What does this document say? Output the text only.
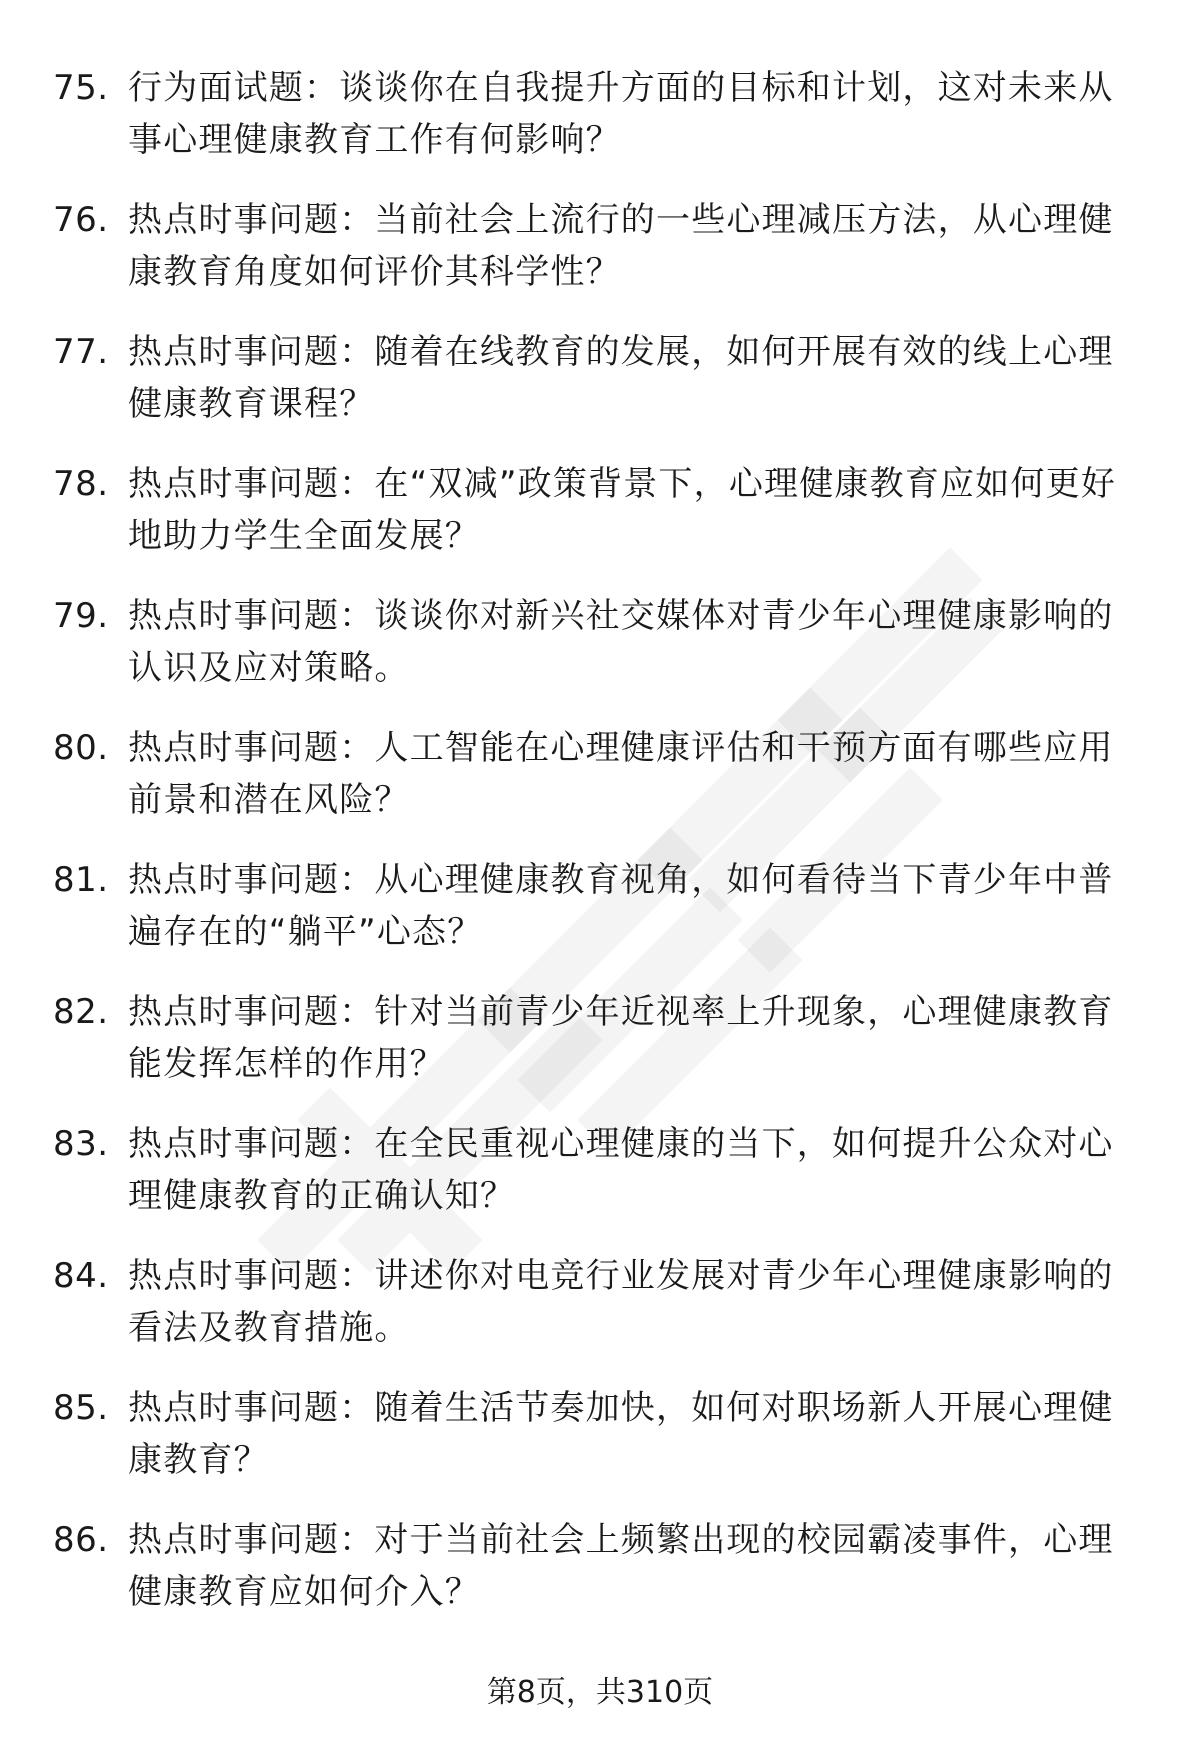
75. 行为面试题：谈谈你在自我提升方面的目标和计划，这对未来从事心理健康教育工作有何影响？
76. 热点时事问题：当前社会上流行的一些心理减压方法，从心理健康教育角度如何评价其科学性？
77. 热点时事问题：随着在线教育的发展，如何开展有效的线上心理健康教育课程？
78. 热点时事问题：在“双减”政策背景下，心理健康教育应如何更好地助力学生全面发展？
79. 热点时事问题：谈谈你对新兴社交媒体对青少年心理健康影响的认识及应对策略。
80. 热点时事问题：人工智能在心理健康评估和干预方面有哪些应用前景和潜在风险？
81. 热点时事问题：从心理健康教育视角，如何看待当下青少年中普遍存在的“躺平”心态？
82. 热点时事问题：针对当前青少年近视率上升现象，心理健康教育能发挥怎样的作用？
83. 热点时事问题：在全民重视心理健康的当下，如何提升公众对心理健康教育的正确认知？
84. 热点时事问题：讲述你对电竞行业发展对青少年心理健康影响的看法及教育措施。
85. 热点时事问题：随着生活节奏加快，如何对职场新人开展心理健康教育？
86. 热点时事问题：对于当前社会上频繁出现的校园霸凌事件，心理健康教育应如何介入？
第8页，共310页
